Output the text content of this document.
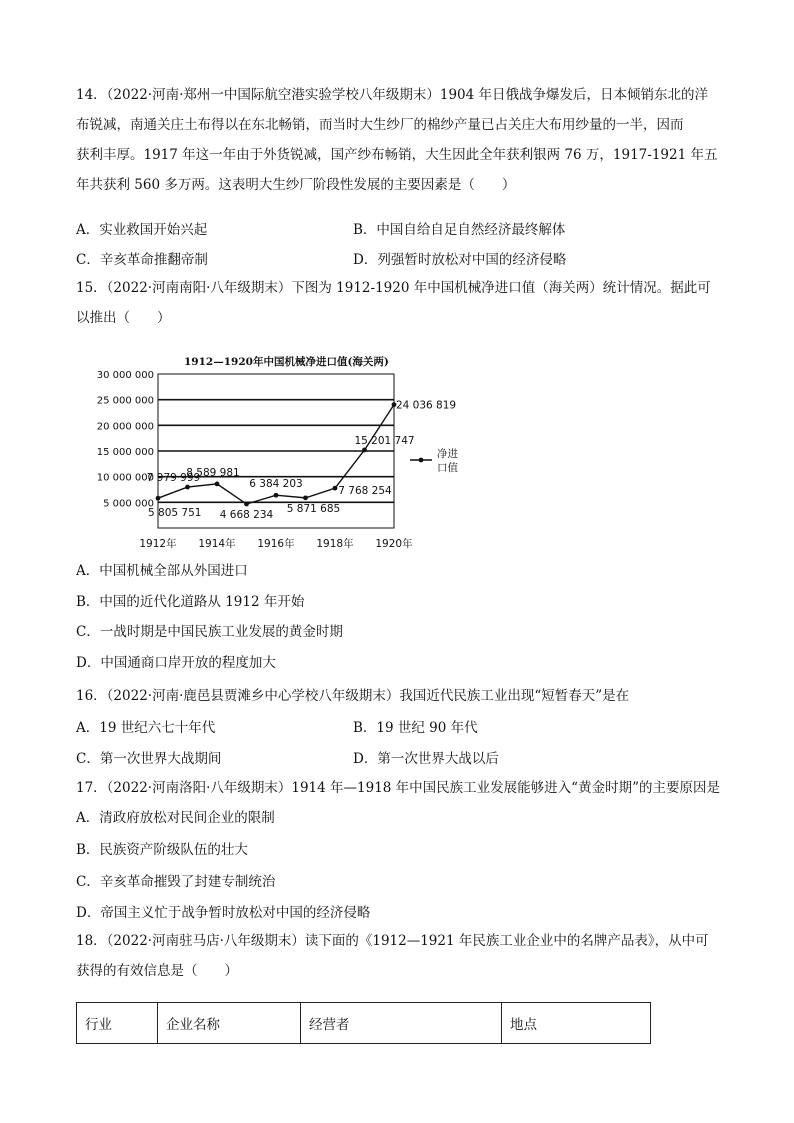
14．（2022·河南·郑州一中国际航空港实验学校八年级期末）1904 年日俄战争爆发后，日本倾销东北的洋
布锐减，南通关庄土布得以在东北畅销，而当时大生纱厂的棉纱产量已占关庄大布用纱量的一半，因而
获利丰厚。1917 年这一年由于外货锐减，国产纱布畅销，大生因此全年获利银两 76 万，1917-1921 年五
年共获利 560 多万两。这表明大生纱厂阶段性发展的主要因素是（　　）
A．实业救国开始兴起	B．中国自给自足自然经济最终解体
C．辛亥革命推翻帝制	D．列强暂时放松对中国的经济侵略
15．（2022·河南南阳·八年级期末）下图为 1912-1920 年中国机械净进口值（海关两）统计情况。据此可
以推出（　　）
1912—1920年中国机械净进口值(海关两)
5 000 000
10 000 000
15 000 000
20 000 000
25 000 000
30 000 000
1912年 1914年 1916年 1918年 1920年
5 805 751
7 979 999
8 589 981
4 668 234
6 384 203
5 871 685
7 768 254
15 201 747
24 036 819
净进
口值
A．中国机械全部从外国进口
B．中国的近代化道路从 1912 年开始
C．一战时期是中国民族工业发展的黄金时期
D．中国通商口岸开放的程度加大
16．（2022·河南·鹿邑县贾滩乡中心学校八年级期末）我国近代民族工业出现“短暂春天”是在
A．19 世纪六七十年代	B．19 世纪 90 年代
C．第一次世界大战期间	D．第一次世界大战以后
17．（2022·河南洛阳·八年级期末）1914 年—1918 年中国民族工业发展能够进入“黄金时期”的主要原因是
A．清政府放松对民间企业的限制
B．民族资产阶级队伍的壮大
C．辛亥革命摧毁了封建专制统治
D．帝国主义忙于战争暂时放松对中国的经济侵略
18．（2022·河南驻马店·八年级期末）读下面的《1912—1921 年民族工业企业中的名牌产品表》，从中可
获得的有效信息是（　　）
行业	企业名称	经营者	地点
